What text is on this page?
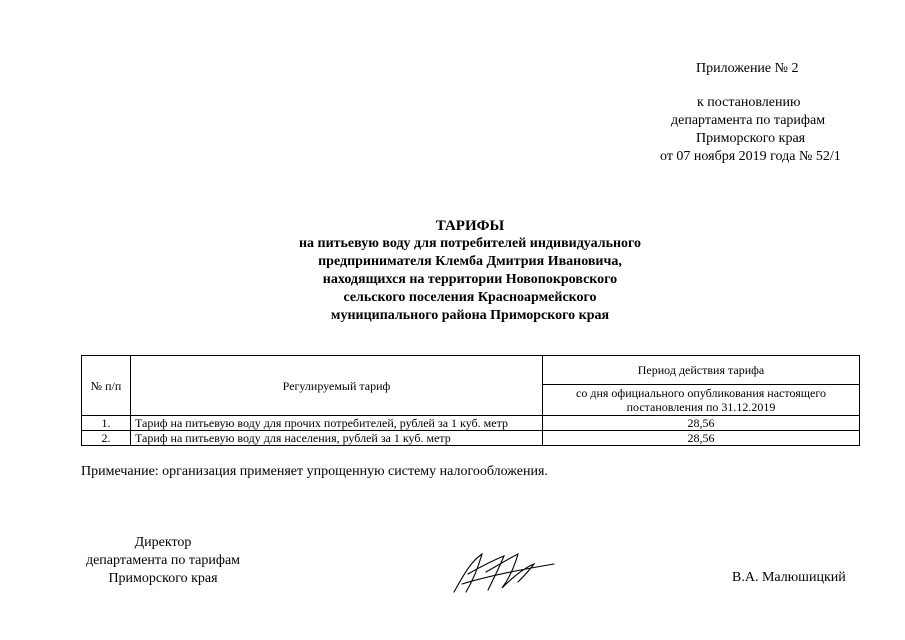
Приложение № 2
к постановлению
департамента по тарифам
Приморского края
от 07 ноября 2019 года № 52/1
ТАРИФЫ
на питьевую воду для потребителей индивидуального
предпринимателя Клемба Дмитрия Ивановича,
находящихся на территории Новопокровского
сельского поселения Красноармейского
муниципального района Приморского края
№ п/п	Регулируемый тариф	Период действия тарифа
		со дня официального опубликования настоящего постановления по 31.12.2019
1.	Тариф на питьевую воду для прочих потребителей, рублей за 1 куб. метр	28,56
2.	Тариф на питьевую воду для населения, рублей за 1 куб. метр	28,56
Примечание: организация применяет упрощенную систему налогообложения.
Директор
департамента по тарифам
Приморского края	В.А. Малюшицкий
